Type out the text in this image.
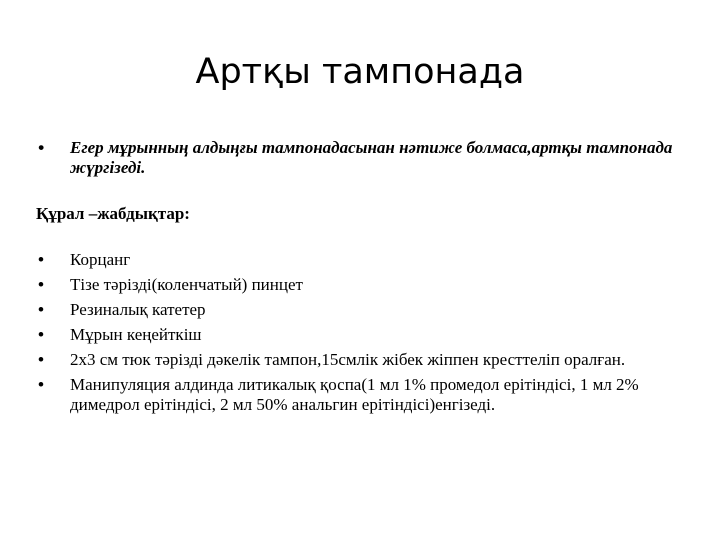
Артқы тампонада
• Егер мұрынның алдыңғы тампонадасынан нәтиже болмаса,артқы тампонада жүргізеді.

Құрал –жабдықтар:

• Корцанг
• Тізе тәрізді(коленчатый) пинцет
• Резиналық катетер
• Мұрын кеңейткіш
• 2х3 см тюк тәрізді дәкелік тампон,15смлік жібек жіппен кресттеліп оралған.
• Манипуляция алдинда литикалық қоспа(1 мл 1% промедол ерітіндісі, 1 мл 2% димедрол ерітіндісі, 2 мл 50% анальгин ерітіндісі)енгізеді.
